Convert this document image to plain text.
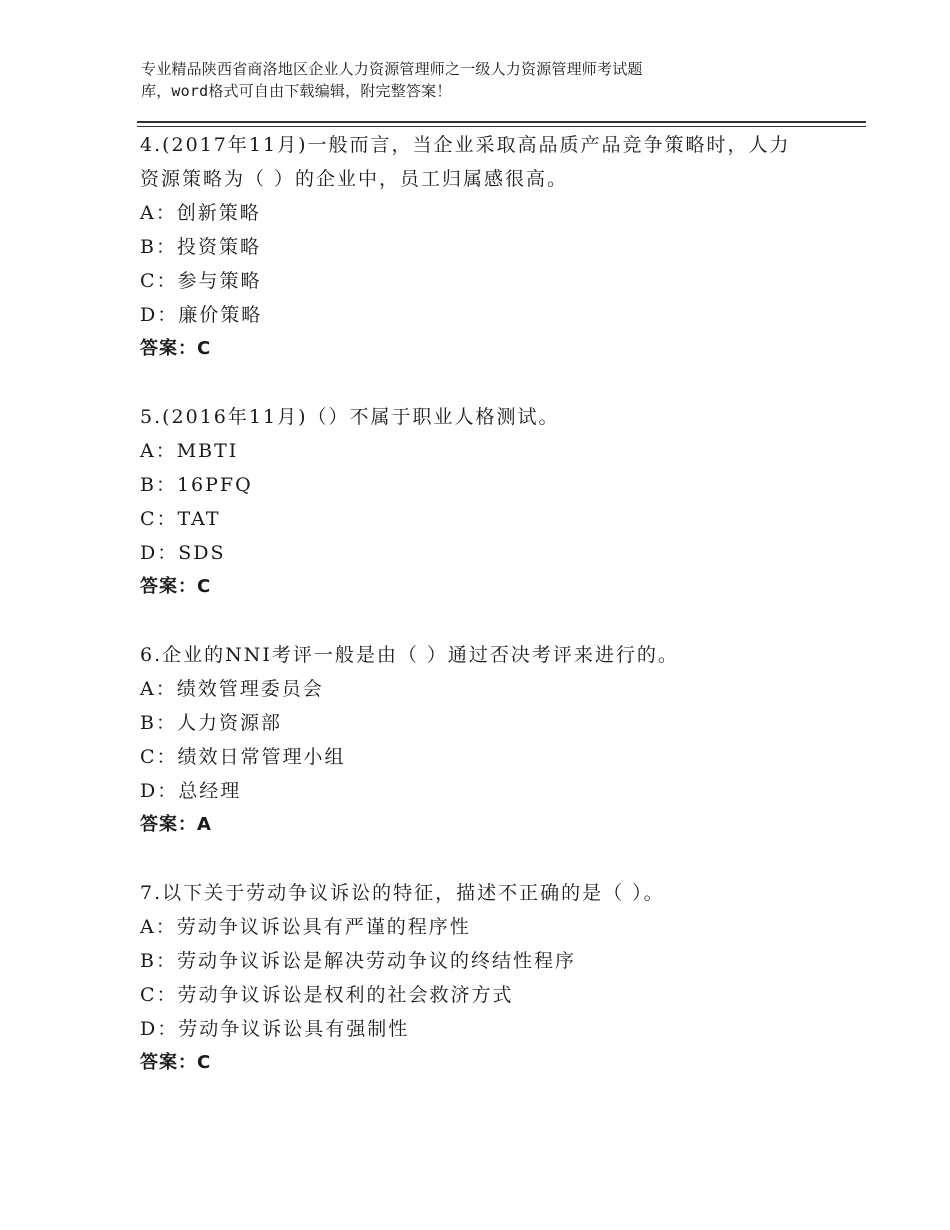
专业精品陕西省商洛地区企业人力资源管理师之一级人力资源管理师考试题
库，word格式可自由下载编辑，附完整答案！
4.(2017年11月)一般而言，当企业采取高品质产品竞争策略时，人力
资源策略为（ ）的企业中，员工归属感很高。
A：创新策略
B：投资策略
C：参与策略
D：廉价策略
答案：C
5.(2016年11月)（）不属于职业人格测试。
A：MBTI
B：16PFQ
C：TAT
D：SDS
答案：C
6.企业的NNI考评一般是由（ ）通过否决考评来进行的。
A：绩效管理委员会
B：人力资源部
C：绩效日常管理小组
D：总经理
答案：A
7.以下关于劳动争议诉讼的特征，描述不正确的是（ ）。
A：劳动争议诉讼具有严谨的程序性
B：劳动争议诉讼是解决劳动争议的终结性程序
C：劳动争议诉讼是权利的社会救济方式
D：劳动争议诉讼具有强制性
答案：C
